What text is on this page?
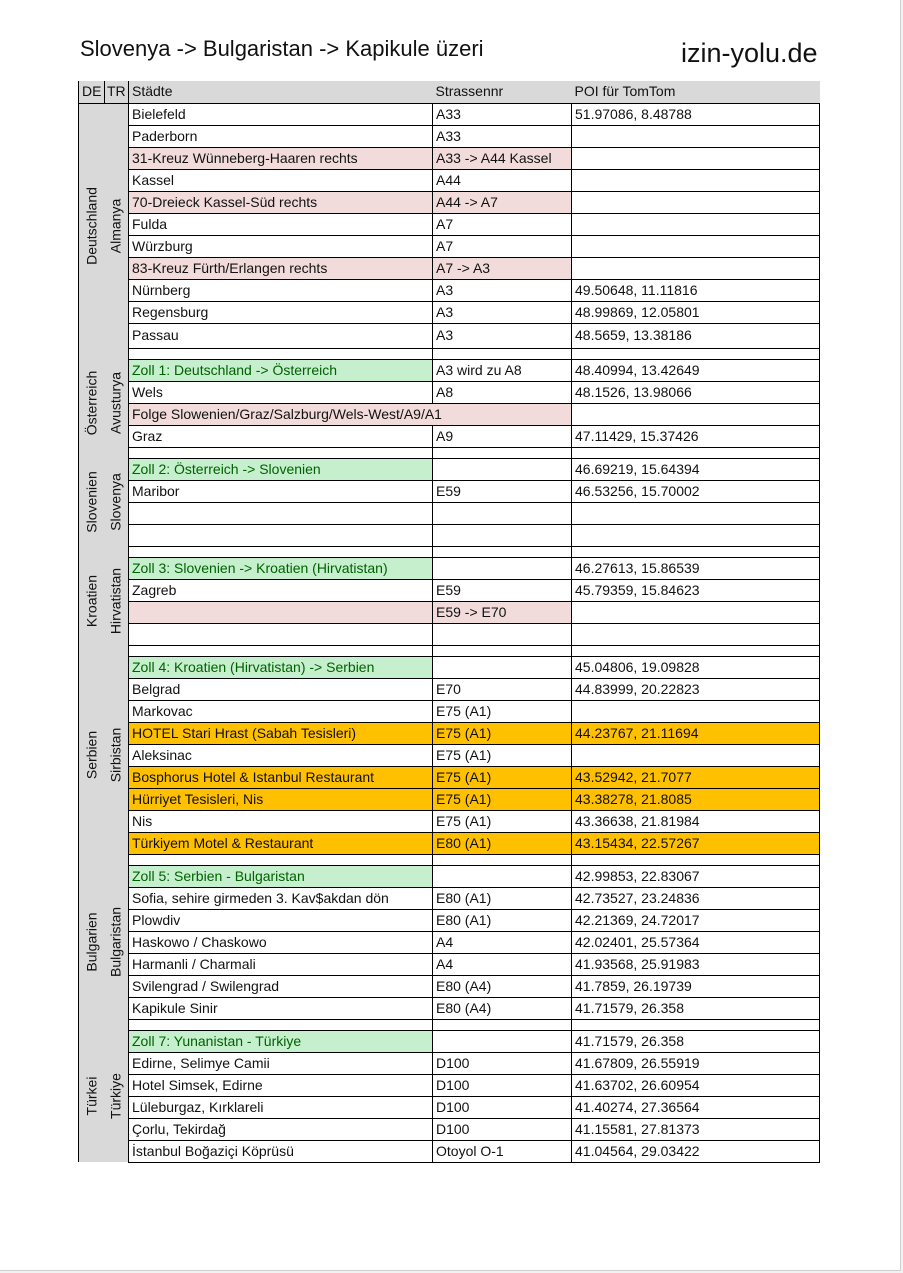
Slovenya -> Bulgaristan -> Kapikule üzeri	izin-yolu.de
DE	TR	Städte	Strassennr	POI für TomTom

Deutschland	Almanya	Bielefeld	A33	51.97086, 8.48788
		Paderborn	A33	
		31-Kreuz Wünneberg-Haaren rechts	A33 -> A44 Kassel	
		Kassel	A44	
		70-Dreieck Kassel-Süd rechts	A44 -> A7	
		Fulda	A7	
		Würzburg	A7	
		83-Kreuz Fürth/Erlangen rechts	A7 -> A3	
		Nürnberg	A3	49.50648, 11.11816
		Regensburg	A3	48.99869, 12.05801
		Passau	A3	48.5659, 13.38186

Österreich	Avusturya	Zoll 1: Deutschland -> Österreich	A3 wird zu A8	48.40994, 13.42649
		Wels	A8	48.1526, 13.98066
		Folge Slowenien/Graz/Salzburg/Wels-West/A9/A1		
		Graz	A9	47.11429, 15.37426

Slovenien	Slovenya	Zoll 2: Österreich -> Slovenien		46.69219, 15.64394
		Maribor	E59	46.53256, 15.70002

Kroatien	Hirvatistan	Zoll 3: Slovenien -> Kroatien (Hirvatistan)		46.27613, 15.86539
		Zagreb	E59	45.79359, 15.84623
			E59 -> E70	

Serbien	Sirbistan	Zoll 4: Kroatien (Hirvatistan) -> Serbien		45.04806, 19.09828
		Belgrad	E70	44.83999, 20.22823
		Markovac	E75 (A1)	
		HOTEL Stari Hrast (Sabah Tesisleri)	E75 (A1)	44.23767, 21.11694
		Aleksinac	E75 (A1)	
		Bosphorus Hotel & Istanbul Restaurant	E75 (A1)	43.52942, 21.7077
		Hürriyet Tesisleri, Nis	E75 (A1)	43.38278, 21.8085
		Nis	E75 (A1)	43.36638, 21.81984
		Türkiyem Motel & Restaurant	E80 (A1)	43.15434, 22.57267

Bulgarien	Bulgaristan	Zoll 5: Serbien - Bulgaristan		42.99853, 22.83067
		Sofia, sehire girmeden 3. Kav$akdan dön	E80 (A1)	42.73527, 23.24836
		Plowdiv	E80 (A1)	42.21369, 24.72017
		Haskowo / Chaskowo	A4	42.02401, 25.57364
		Harmanli / Charmali	A4	41.93568, 25.91983
		Svilengrad / Swilengrad	E80 (A4)	41.7859, 26.19739
		Kapikule Sinir	E80 (A4)	41.71579, 26.358

Türkei	Türkiye	Zoll 7: Yunanistan - Türkiye		41.71579, 26.358
		Edirne, Selimye Camii	D100	41.67809, 26.55919
		Hotel Simsek, Edirne	D100	41.63702, 26.60954
		Lüleburgaz, Kırklareli	D100	41.40274, 27.36564
		Çorlu, Tekirdağ	D100	41.15581, 27.81373
		İstanbul Boğaziçi Köprüsü	Otoyol O-1	41.04564, 29.03422
